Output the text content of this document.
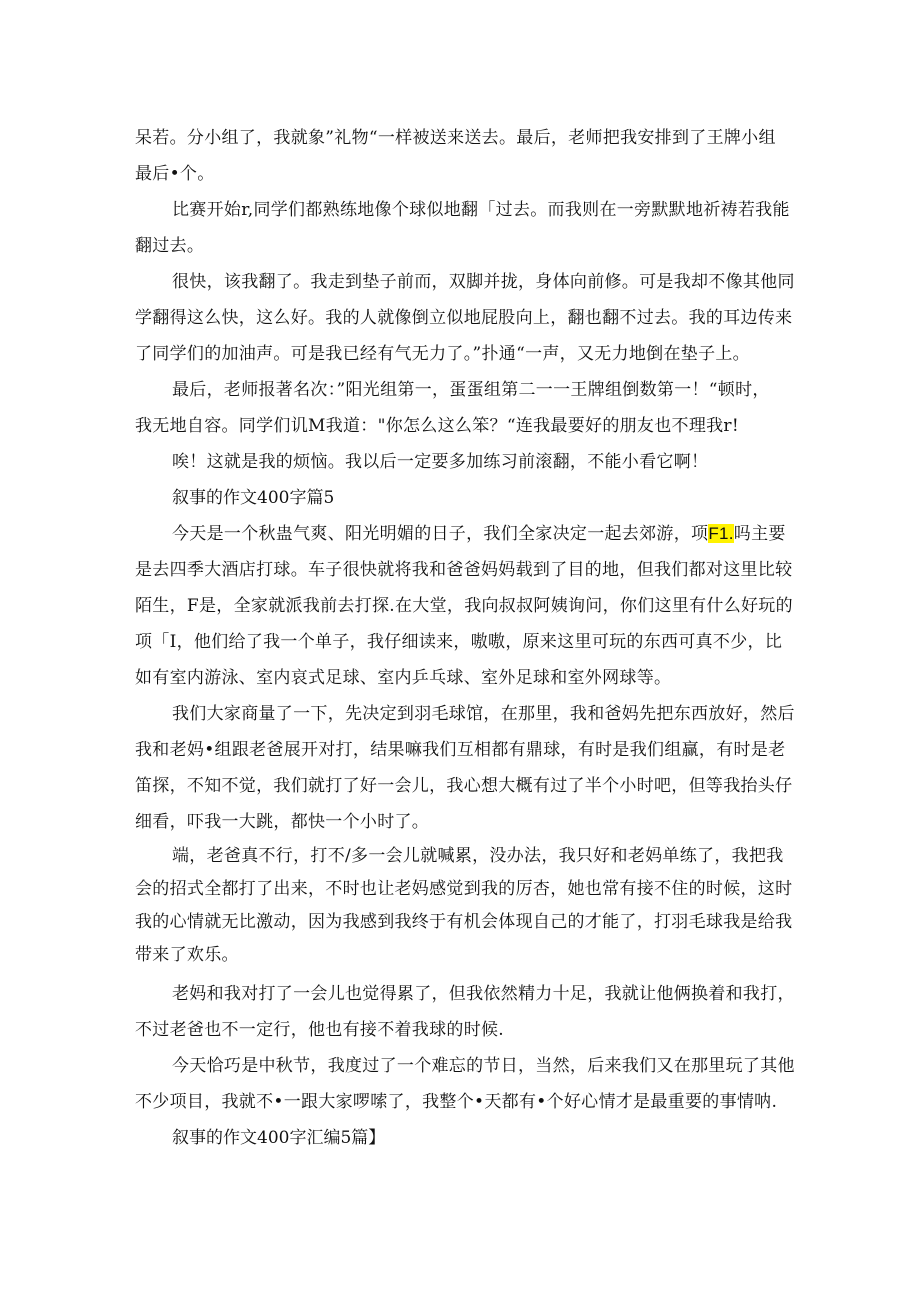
呆若。分小组了，我就象”礼物“一样被送来送去。最后，老师把我安排到了王牌小组
最后•个。

比赛开始r,同学们都熟练地像个球似地翻「过去。而我则在一旁默默地祈祷若我能
翻过去。

很快，该我翻了。我走到垫子前而，双脚并拢，身体向前修。可是我却不像其他同
学翻得这么快，这么好。我的人就像倒立似地屁股向上，翻也翻不过去。我的耳边传来
了同学们的加油声。可是我已经有气无力了。”扑通“一声，又无力地倒在垫子上。

最后，老师报著名次：”阳光组第一，蛋蛋组第二一一王牌组倒数第一！“顿时，
我无地自容。同学们讥M我道："你怎么这么笨？“连我最要好的朋友也不理我r!

唉！这就是我的烦恼。我以后一定要多加练习前滚翻，不能小看它啊！

叙事的作文400字篇5

今天是一个秋蛊气爽、阳光明媚的日子，我们全家决定一起去郊游，项F1.吗主要
是去四季大酒店打球。车子很快就将我和爸爸妈妈载到了目的地，但我们都对这里比较
陌生，F是，全家就派我前去打探.在大堂，我向叔叔阿姨询问，你们这里有什么好玩的
项「I，他们给了我一个单子，我仔细读来，嗷嗷，原来这里可玩的东西可真不少，比
如有室内游泳、室内哀式足球、室内乒乓球、室外足球和室外网球等。

我们大家商量了一下，先决定到羽毛球馆，在那里，我和爸妈先把东西放好，然后
我和老妈•组跟老爸展开对打，结果嘛我们互相都有鼎球，有时是我们组赢，有时是老
笛探，不知不觉，我们就打了好一会儿，我心想大概有过了半个小时吧，但等我抬头仔
细看，吓我一大跳，都快一个小时了。

端，老爸真不行，打不/多一会儿就喊累，没办法，我只好和老妈单练了，我把我
会的招式全都打了出来，不时也让老妈感觉到我的厉杏，她也常有接不住的时候，这时
我的心情就无比激动，因为我感到我终于有机会体现自己的才能了，打羽毛球我是给我
带来了欢乐。

老妈和我对打了一会儿也觉得累了，但我依然精力十足，我就让他俩换着和我打，
不过老爸也不一定行，他也有接不着我球的时候.

今天恰巧是中秋节，我度过了一个难忘的节日，当然，后来我们又在那里玩了其他
不少项目，我就不•一跟大家啰嗦了，我整个•天都有•个好心情才是最重要的事情呐.

叙事的作文400字汇编5篇】
